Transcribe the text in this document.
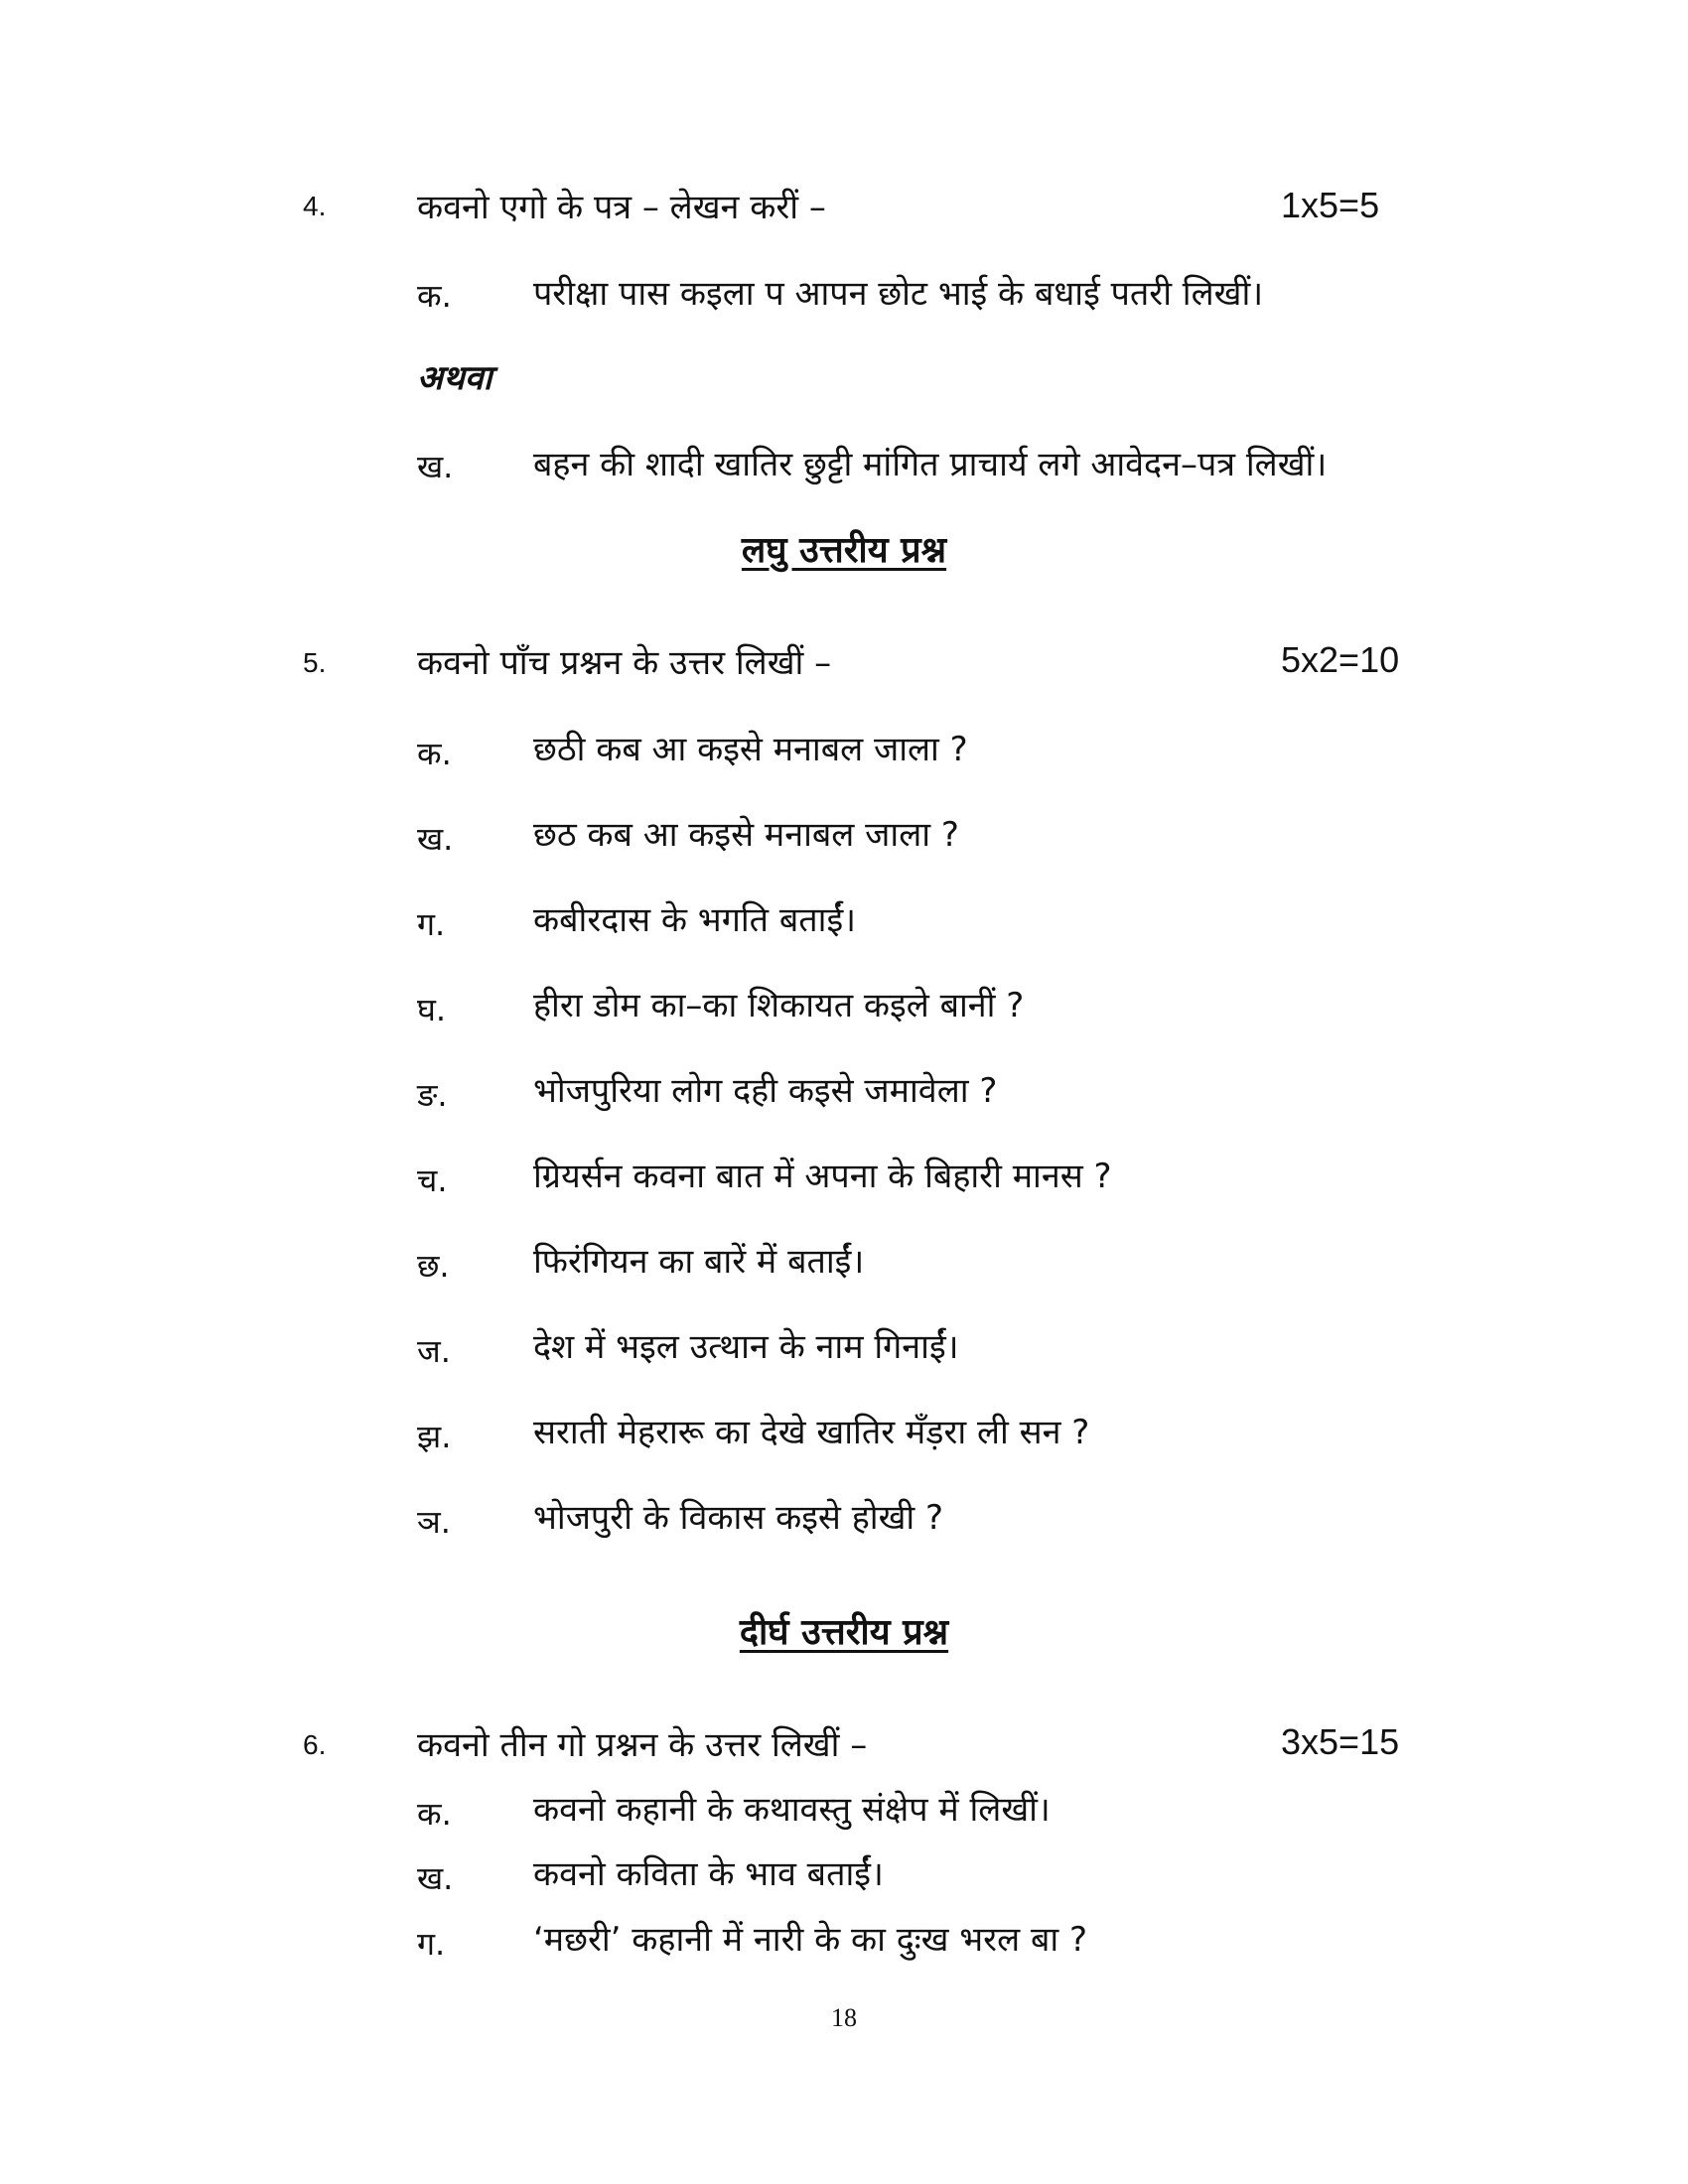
4.	कवनो एगो के पत्र – लेखन करीं –	1x5=5
क. परीक्षा पास कइला प आपन छोट भाई के बधाई पतरी लिखीं।
अथवा
ख. बहन की शादी खातिर छुट्टी मांगित प्राचार्य लगे आवेदन–पत्र लिखीं।
लघु उत्तरीय प्रश्न
5.	कवनो पाँच प्रश्नन के उत्तर लिखीं –	5x2=10
क. छठी कब आ कइसे मनाबल जाला ?
ख. छठ कब आ कइसे मनाबल जाला ?
ग.	कबीरदास के भगति बताईं।
घ.	हीरा डोम का–का शिकायत कइले बानीं ?
ङ.	भोजपुरिया लोग दही कइसे जमावेला ?
च.	ग्रियर्सन कवना बात में अपना के बिहारी मानस ?
छ. फिरंगियन का बारें में बताईं।
ज. देश में भइल उत्थान के नाम गिनाईं।
झ. सराती मेहरारू का देखे खातिर मँड़रा ली सन ?
ञ. भोजपुरी के विकास कइसे होखी ?
दीर्घ उत्तरीय प्रश्न
6.	कवनो तीन गो प्रश्नन के उत्तर लिखीं –	3x5=15
क. कवनो कहानी के कथावस्तु संक्षेप में लिखीं।
ख. कवनो कविता के भाव बताईं।
ग.	‘मछरी’ कहानी में नारी के का दुःख भरल बा ?
18
